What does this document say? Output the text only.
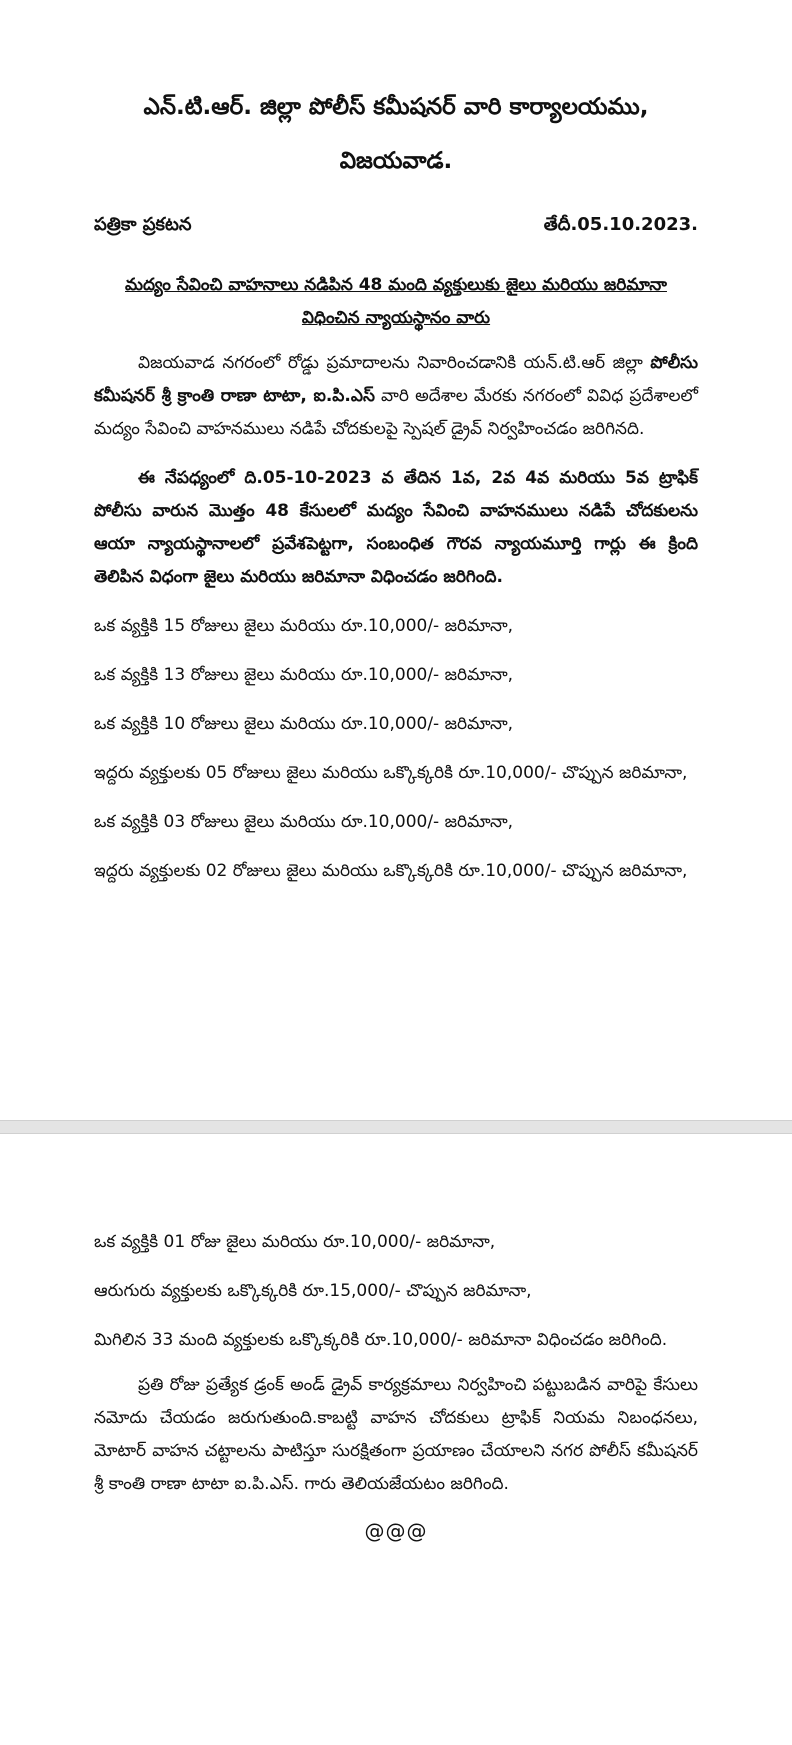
ఎన్.టి.ఆర్. జిల్లా పోలీస్ కమీషనర్ వారి కార్యాలయము,

విజయవాడ.

పత్రికా ప్రకటన	తేదీ.05.10.2023.
మద్యం సేవించి వాహనాలు నడిపిన 48 మంది వ్యక్తులుకు జైలు మరియు జరిమానా
విధించిన న్యాయస్థానం వారు

విజయవాడ నగరంలో రోడ్డు ప్రమాదాలను నివారించడానికి యన్.టి.ఆర్ జిల్లా పోలీసు కమీషనర్ శ్రీ క్రాంతి రాణా టాటా, ఐ.పి.ఎస్ వారి అదేశాల మేరకు నగరంలో వివిధ ప్రదేశాలలో మద్యం సేవించి వాహనములు నడిపే చోదకులపై స్పెషల్ డ్రైవ్ నిర్వహించడం జరిగినది.

ఈ నేపధ్యంలో ది.05-10-2023 వ తేదిన 1వ, 2వ 4వ మరియు 5వ ట్రాఫిక్ పోలీసు వారున మొత్తం 48 కేసులలో మద్యం సేవించి వాహనములు నడిపే చోదకులను ఆయా న్యాయస్థానాలలో ప్రవేశపెట్టగా, సంబంధిత గౌరవ న్యాయమూర్తి గార్లు ఈ క్రింది తెలిపిన విధంగా జైలు మరియు జరిమానా విధించడం జరిగింది.

ఒక వ్యక్తికి 15 రోజులు జైలు మరియు రూ.10,000/- జరిమానా,

ఒక వ్యక్తికి 13 రోజులు జైలు మరియు రూ.10,000/- జరిమానా,

ఒక వ్యక్తికి 10 రోజులు జైలు మరియు రూ.10,000/- జరిమానా,

ఇద్దరు వ్యక్తులకు 05 రోజులు జైలు మరియు ఒక్కొక్కరికి రూ.10,000/- చొప్పున జరిమానా,

ఒక వ్యక్తికి 03 రోజులు జైలు మరియు రూ.10,000/- జరిమానా,

ఇద్దరు వ్యక్తులకు 02 రోజులు జైలు మరియు ఒక్కొక్కరికి రూ.10,000/- చొప్పున జరిమానా,

ఒక వ్యక్తికి 01 రోజు జైలు మరియు రూ.10,000/- జరిమానా,

ఆరుగురు వ్యక్తులకు ఒక్కొక్కరికి రూ.15,000/- చొప్పున జరిమానా,

మిగిలిన 33 మంది వ్యక్తులకు ఒక్కొక్కరికి రూ.10,000/- జరిమానా విధించడం జరిగింది.

ప్రతి రోజు ప్రత్యేక డ్రంక్ అండ్ డ్రైవ్ కార్యక్రమాలు నిర్వహించి పట్టుబడిన వారిపై కేసులు నమోదు చేయడం జరుగుతుంది.కాబట్టి వాహన చోదకులు ట్రాఫిక్ నియమ నిబంధనలు, మోటార్ వాహన చట్టాలను పాటిస్తూ సురక్షితంగా ప్రయాణం చేయాలని నగర పోలీస్ కమీషనర్ శ్రీ కాంతి రాణా టాటా ఐ.పి.ఎస్. గారు తెలియజేయటం జరిగింది.

@@@
